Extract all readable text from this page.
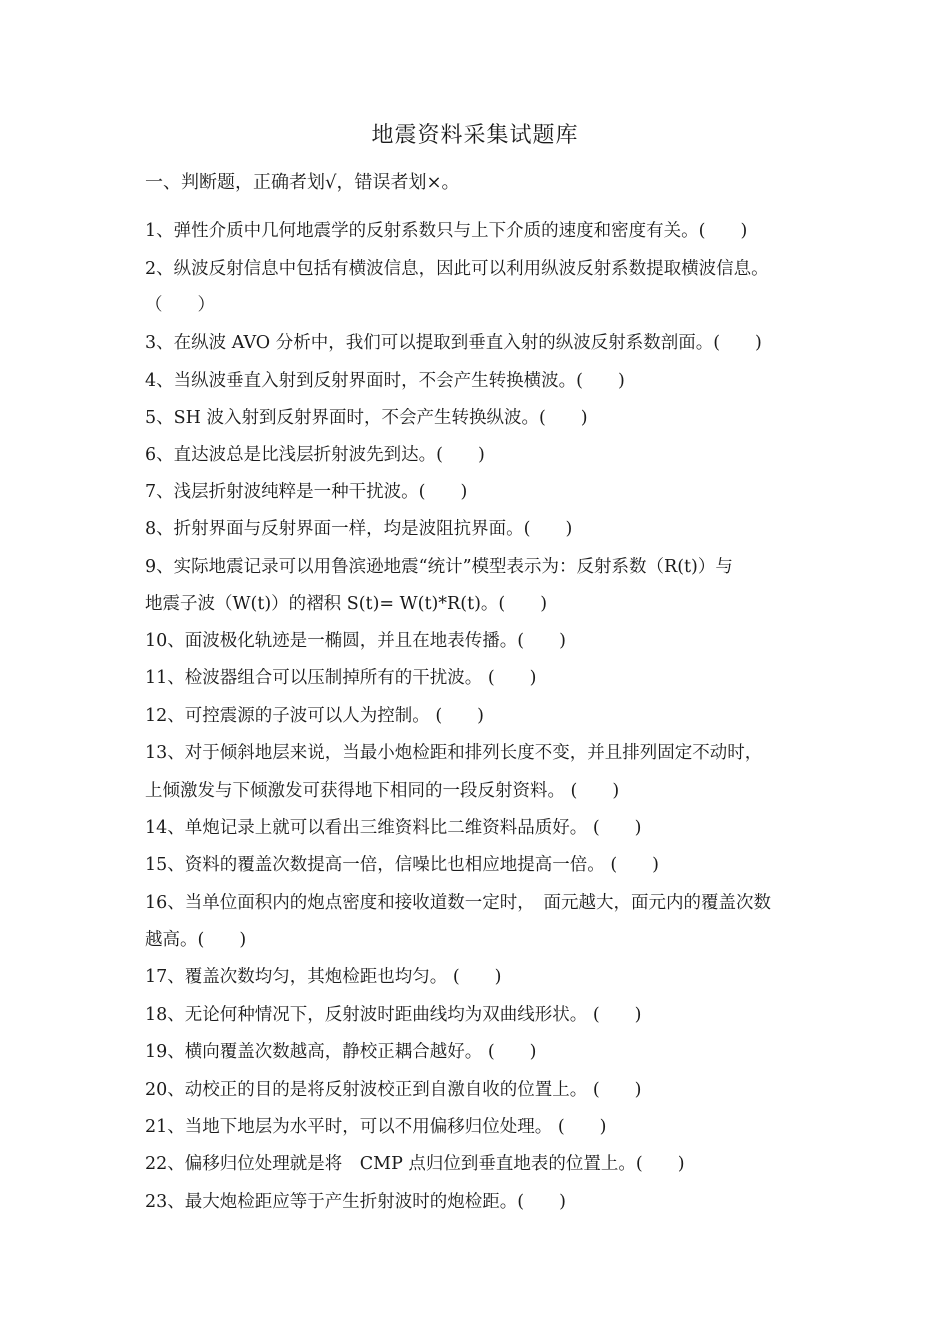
地震资料采集试题库
一、判断题，正确者划√，错误者划×。
1、弹性介质中几何地震学的反射系数只与上下介质的速度和密度有关。(　　)
2、纵波反射信息中包括有横波信息，因此可以利用纵波反射系数提取横波信息。
（　　）
3、在纵波 AVO 分析中，我们可以提取到垂直入射的纵波反射系数剖面。(　　)
4、当纵波垂直入射到反射界面时，不会产生转换横波。(　　)
5、SH 波入射到反射界面时，不会产生转换纵波。(　　)
6、直达波总是比浅层折射波先到达。(　　)
7、浅层折射波纯粹是一种干扰波。(　　)
8、折射界面与反射界面一样，均是波阻抗界面。(　　)
9、实际地震记录可以用鲁滨逊地震“统计”模型表示为：反射系数（R(t)）与
地震子波（W(t)）的褶积 S(t)= W(t)*R(t)。(　　)
10、面波极化轨迹是一椭圆，并且在地表传播。(　　)
11、检波器组合可以压制掉所有的干扰波。 (　　)
12、可控震源的子波可以人为控制。 (　　)
13、对于倾斜地层来说，当最小炮检距和排列长度不变，并且排列固定不动时，
上倾激发与下倾激发可获得地下相同的一段反射资料。 (　　)
14、单炮记录上就可以看出三维资料比二维资料品质好。 (　　)
15、资料的覆盖次数提高一倍，信噪比也相应地提高一倍。 (　　)
16、当单位面积内的炮点密度和接收道数一定时，　面元越大，面元内的覆盖次数
越高。(　　)
17、覆盖次数均匀，其炮检距也均匀。 (　　)
18、无论何种情况下，反射波时距曲线均为双曲线形状。 (　　)
19、横向覆盖次数越高，静校正耦合越好。 (　　)
20、动校正的目的是将反射波校正到自激自收的位置上。 (　　)
21、当地下地层为水平时，可以不用偏移归位处理。 (　　)
22、偏移归位处理就是将　CMP 点归位到垂直地表的位置上。(　　)
23、最大炮检距应等于产生折射波时的炮检距。(　　)
